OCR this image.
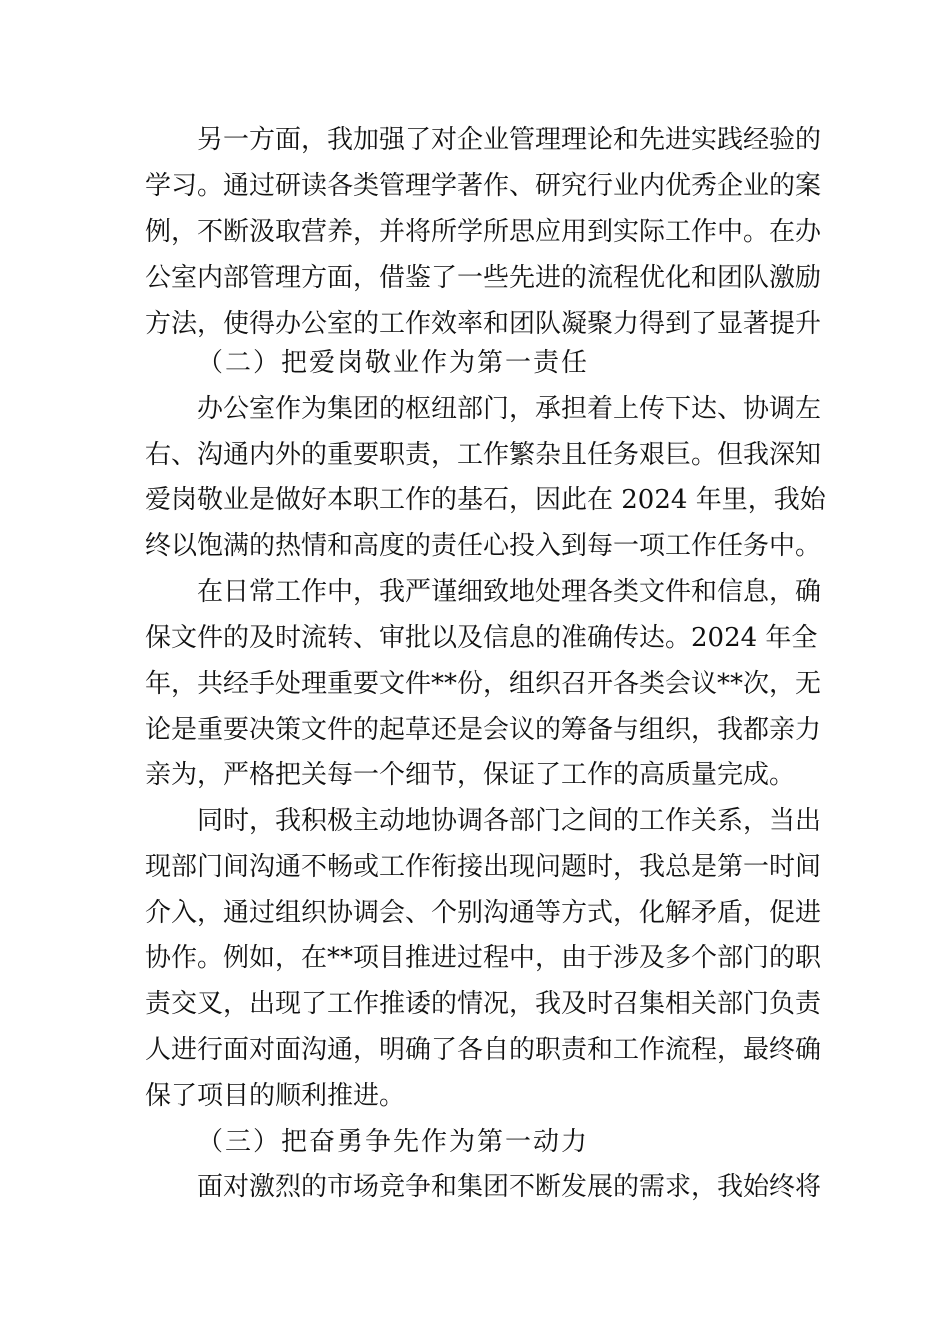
另一方面，我加强了对企业管理理论和先进实践经验的
学习。通过研读各类管理学著作、研究行业内优秀企业的案
例，不断汲取营养，并将所学所思应用到实际工作中。在办
公室内部管理方面，借鉴了一些先进的流程优化和团队激励
方法，使得办公室的工作效率和团队凝聚力得到了显著提升
（二）把爱岗敬业作为第一责任
办公室作为集团的枢纽部门，承担着上传下达、协调左
右、沟通内外的重要职责，工作繁杂且任务艰巨。但我深知
爱岗敬业是做好本职工作的基石，因此在 2024 年里，我始
终以饱满的热情和高度的责任心投入到每一项工作任务中。
在日常工作中，我严谨细致地处理各类文件和信息，确
保文件的及时流转、审批以及信息的准确传达。2024 年全
年，共经手处理重要文件**份，组织召开各类会议**次，无
论是重要决策文件的起草还是会议的筹备与组织，我都亲力
亲为，严格把关每一个细节，保证了工作的高质量完成。
同时，我积极主动地协调各部门之间的工作关系，当出
现部门间沟通不畅或工作衔接出现问题时，我总是第一时间
介入，通过组织协调会、个别沟通等方式，化解矛盾，促进
协作。例如，在**项目推进过程中，由于涉及多个部门的职
责交叉，出现了工作推诿的情况，我及时召集相关部门负责
人进行面对面沟通，明确了各自的职责和工作流程，最终确
保了项目的顺利推进。
（三）把奋勇争先作为第一动力
面对激烈的市场竞争和集团不断发展的需求，我始终将
